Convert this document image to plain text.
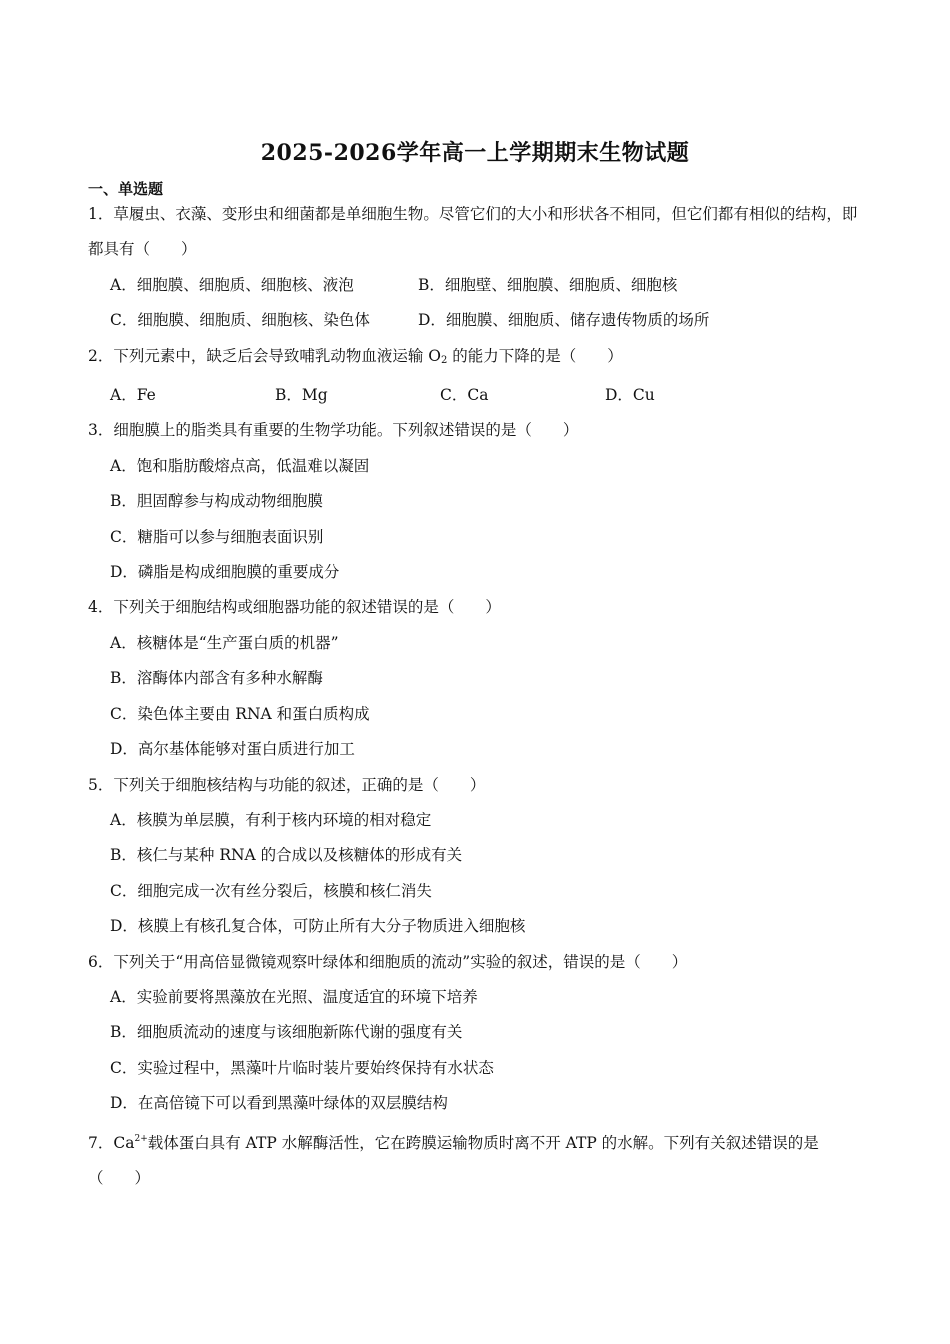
2025-2026学年高一上学期期末生物试题
一、单选题

1．草履虫、衣藻、变形虫和细菌都是单细胞生物。尽管它们的大小和形状各不相同，但它们都有相似的结构，即都具有（　　）

A．细胞膜、细胞质、细胞核、液泡	B．细胞壁、细胞膜、细胞质、细胞核
C．细胞膜、细胞质、细胞核、染色体	D．细胞膜、细胞质、储存遗传物质的场所

2．下列元素中，缺乏后会导致哺乳动物血液运输 $O_2$ 的能力下降的是（　　）

A．Fe	B．Mg	C．Ca	D．Cu

3．细胞膜上的脂类具有重要的生物学功能。下列叙述错误的是（　　）

A．饱和脂肪酸熔点高，低温难以凝固
B．胆固醇参与构成动物细胞膜
C．糖脂可以参与细胞表面识别
D．磷脂是构成细胞膜的重要成分

4．下列关于细胞结构或细胞器功能的叙述错误的是（　　）

A．核糖体是“生产蛋白质的机器”
B．溶酶体内部含有多种水解酶
C．染色体主要由 RNA 和蛋白质构成
D．高尔基体能够对蛋白质进行加工

5．下列关于细胞核结构与功能的叙述，正确的是（　　）

A．核膜为单层膜，有利于核内环境的相对稳定
B．核仁与某种 RNA 的合成以及核糖体的形成有关
C．细胞完成一次有丝分裂后，核膜和核仁消失
D．核膜上有核孔复合体，可防止所有大分子物质进入细胞核

6．下列关于“用高倍显微镜观察叶绿体和细胞质的流动”实验的叙述，错误的是（　　）

A．实验前要将黑藻放在光照、温度适宜的环境下培养
B．细胞质流动的速度与该细胞新陈代谢的强度有关
C．实验过程中，黑藻叶片临时装片要始终保持有水状态
D．在高倍镜下可以看到黑藻叶绿体的双层膜结构

7．$Ca^{2+}$载体蛋白具有 ATP 水解酶活性，它在跨膜运输物质时离不开 ATP 的水解。下列有关叙述错误的是（　　）
